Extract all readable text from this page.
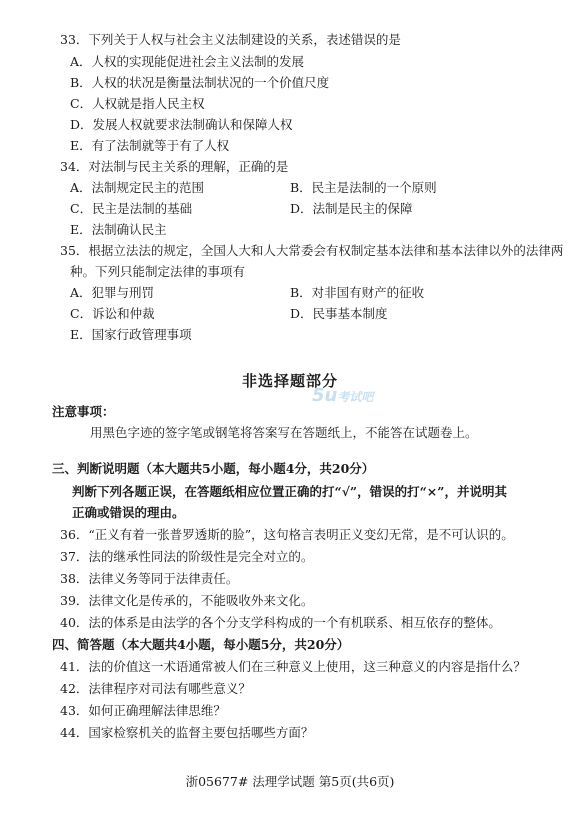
33．下列关于人权与社会主义法制建设的关系，表述错误的是
A．人权的实现能促进社会主义法制的发展
B．人权的状况是衡量法制状况的一个价值尺度
C．人权就是指人民主权
D．发展人权就要求法制确认和保障人权
E．有了法制就等于有了人权
34．对法制与民主关系的理解，正确的是
A．法制规定民主的范围	B．民主是法制的一个原则
C．民主是法制的基础	D．法制是民主的保障
E．法制确认民主
35．根据立法法的规定，全国人大和人大常委会有权制定基本法律和基本法律以外的法律两
种。下列只能制定法律的事项有
A．犯罪与刑罚	B．对非国有财产的征收
C．诉讼和仲裁	D．民事基本制度
E．国家行政管理事项
非选择题部分
5u考试吧
注意事项：
用黑色字迹的签字笔或钢笔将答案写在答题纸上，不能答在试题卷上。
三、判断说明题（本大题共5小题，每小题4分，共20分）
判断下列各题正误，在答题纸相应位置正确的打“√”，错误的打“×”，并说明其
正确或错误的理由。
36．“正义有着一张普罗透斯的脸”，这句格言表明正义变幻无常，是不可认识的。
37．法的继承性同法的阶级性是完全对立的。
38．法律义务等同于法律责任。
39．法律文化是传承的，不能吸收外来文化。
40．法的体系是由法学的各个分支学科构成的一个有机联系、相互依存的整体。
四、简答题（本大题共4小题，每小题5分，共20分）
41．法的价值这一术语通常被人们在三种意义上使用，这三种意义的内容是指什么？
42．法律程序对司法有哪些意义？
43．如何正确理解法律思维？
44．国家检察机关的监督主要包括哪些方面？
浙05677# 法理学试题 第5页(共6页)
